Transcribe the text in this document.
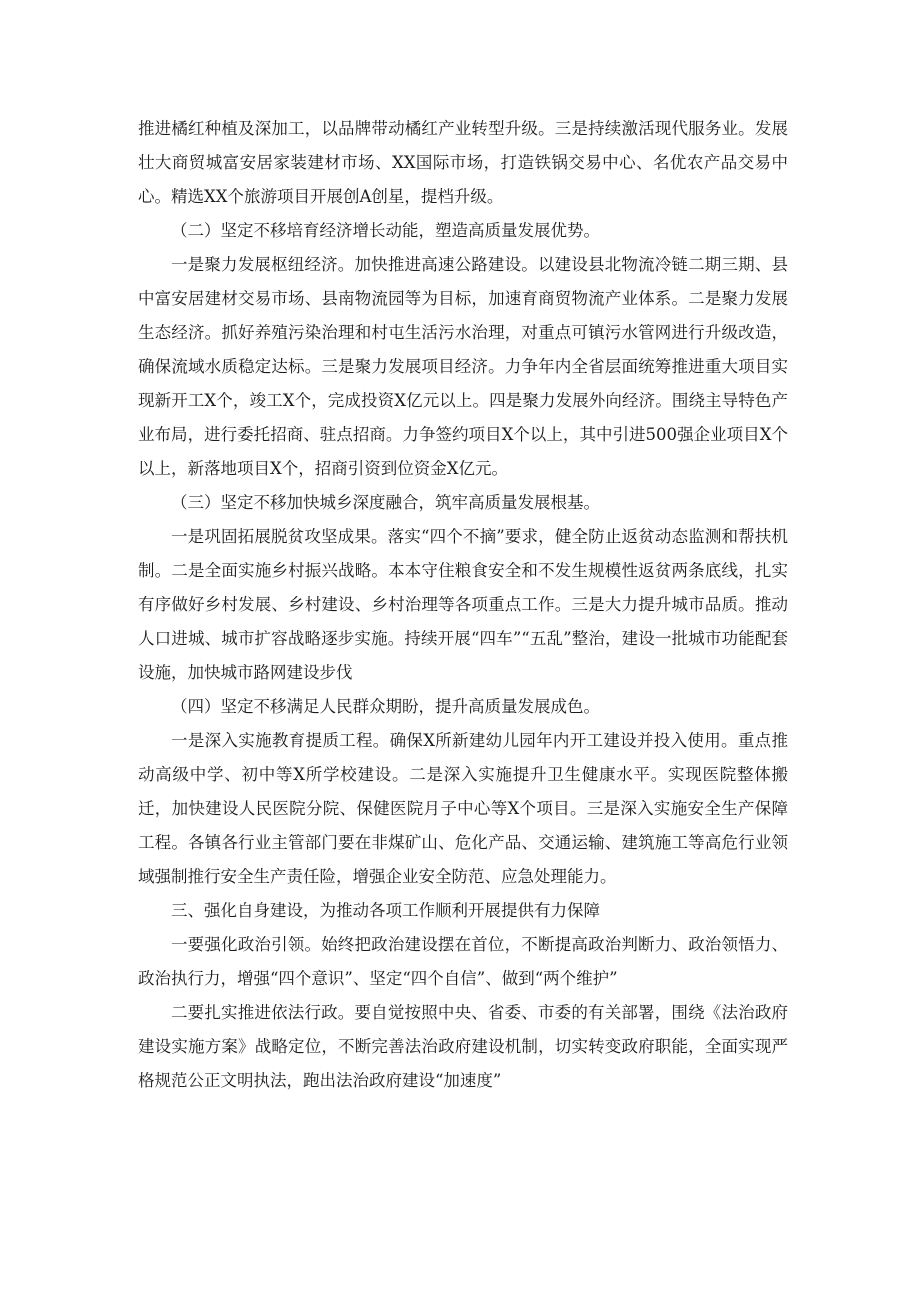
推进橘红种植及深加工，以品牌带动橘红产业转型升级。三是持续激活现代服务业。发展壮大商贸城富安居家装建材市场、XX国际市场，打造铁锅交易中心、名优农产品交易中心。精选XX个旅游项目开展创A创星，提档升级。

（二）坚定不移培育经济增长动能，塑造高质量发展优势。

一是聚力发展枢纽经济。加快推进高速公路建设。以建设县北物流冷链二期三期、县中富安居建材交易市场、县南物流园等为目标，加速育商贸物流产业体系。二是聚力发展生态经济。抓好养殖污染治理和村屯生活污水治理，对重点可镇污水管网进行升级改造，确保流域水质稳定达标。三是聚力发展项目经济。力争年内全省层面统筹推进重大项目实现新开工X个，竣工X个，完成投资X亿元以上。四是聚力发展外向经济。围绕主导特色产业布局，进行委托招商、驻点招商。力争签约项目X个以上，其中引进500强企业项目X个以上，新落地项目X个，招商引资到位资金X亿元。

（三）坚定不移加快城乡深度融合，筑牢高质量发展根基。

一是巩固拓展脱贫攻坚成果。落实“四个不摘”要求，健全防止返贫动态监测和帮扶机制。二是全面实施乡村振兴战略。本本守住粮食安全和不发生规模性返贫两条底线，扎实有序做好乡村发展、乡村建设、乡村治理等各项重点工作。三是大力提升城市品质。推动人口进城、城市扩容战略逐步实施。持续开展“四车”“五乱”整治，建设一批城市功能配套设施，加快城市路网建设步伐

（四）坚定不移满足人民群众期盼，提升高质量发展成色。

一是深入实施教育提质工程。确保X所新建幼儿园年内开工建设并投入使用。重点推动高级中学、初中等X所学校建设。二是深入实施提升卫生健康水平。实现医院整体搬迁，加快建设人民医院分院、保健医院月子中心等X个项目。三是深入实施安全生产保障工程。各镇各行业主管部门要在非煤矿山、危化产品、交通运输、建筑施工等高危行业领域强制推行安全生产责任险，增强企业安全防范、应急处理能力。

三、强化自身建设，为推动各项工作顺利开展提供有力保障

一要强化政治引领。始终把政治建设摆在首位，不断提高政治判断力、政治领悟力、政治执行力，增强“四个意识”、坚定“四个自信”、做到“两个维护”

二要扎实推进依法行政。要自觉按照中央、省委、市委的有关部署，围绕《法治政府建设实施方案》战略定位，不断完善法治政府建设机制，切实转变政府职能，全面实现严格规范公正文明执法，跑出法治政府建设“加速度”
